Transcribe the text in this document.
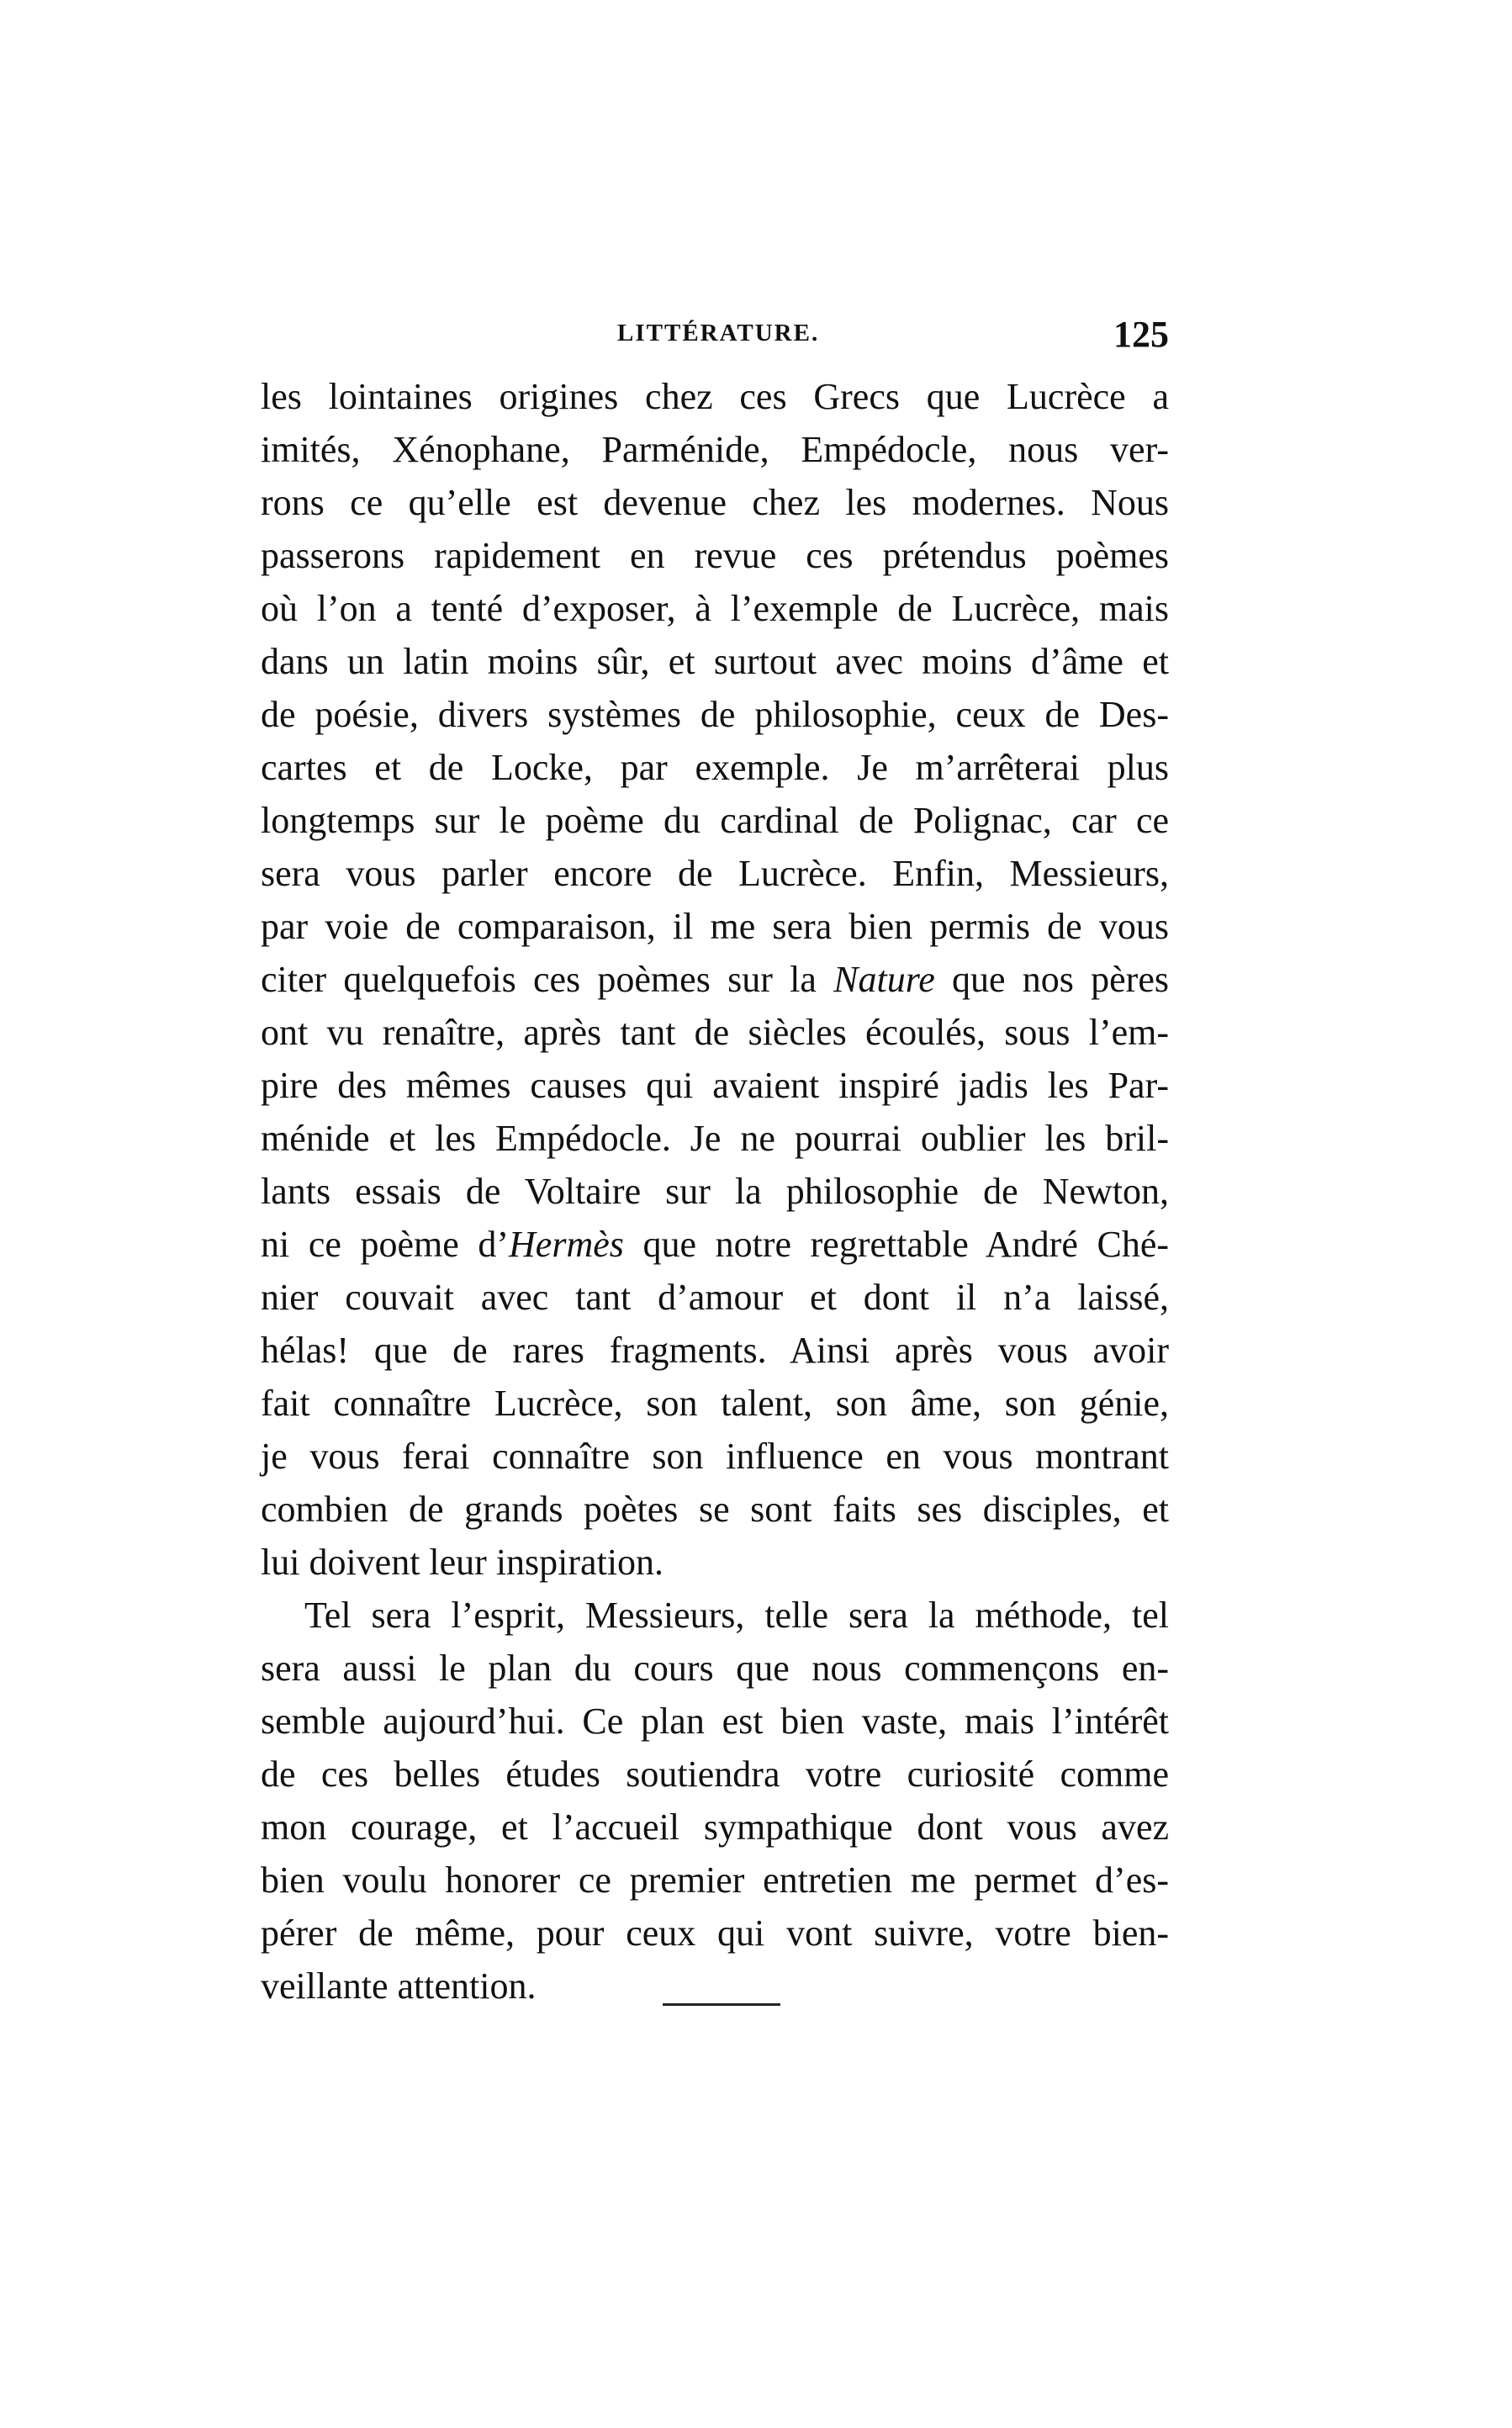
LITTÉRATURE.	125
les lointaines origines chez ces Grecs que Lucrèce a
imités, Xénophane, Parménide, Empédocle, nous ver-
rons ce qu’elle est devenue chez les modernes. Nous
passerons rapidement en revue ces prétendus poèmes
où l’on a tenté d’exposer, à l’exemple de Lucrèce, mais
dans un latin moins sûr, et surtout avec moins d’âme et
de poésie, divers systèmes de philosophie, ceux de Des-
cartes et de Locke, par exemple. Je m’arrêterai plus
longtemps sur le poème du cardinal de Polignac, car ce
sera vous parler encore de Lucrèce. Enfin, Messieurs,
par voie de comparaison, il me sera bien permis de vous
citer quelquefois ces poèmes sur la Nature que nos pères
ont vu renaître, après tant de siècles écoulés, sous l’em-
pire des mêmes causes qui avaient inspiré jadis les Par-
ménide et les Empédocle. Je ne pourrai oublier les bril-
lants essais de Voltaire sur la philosophie de Newton,
ni ce poème d’Hermès que notre regrettable André Ché-
nier couvait avec tant d’amour et dont il n’a laissé,
hélas! que de rares fragments. Ainsi après vous avoir
fait connaître Lucrèce, son talent, son âme, son génie,
je vous ferai connaître son influence en vous montrant
combien de grands poètes se sont faits ses disciples, et
lui doivent leur inspiration.
Tel sera l’esprit, Messieurs, telle sera la méthode, tel
sera aussi le plan du cours que nous commençons en-
semble aujourd’hui. Ce plan est bien vaste, mais l’intérêt
de ces belles études soutiendra votre curiosité comme
mon courage, et l’accueil sympathique dont vous avez
bien voulu honorer ce premier entretien me permet d’es-
pérer de même, pour ceux qui vont suivre, votre bien-
veillante attention.
